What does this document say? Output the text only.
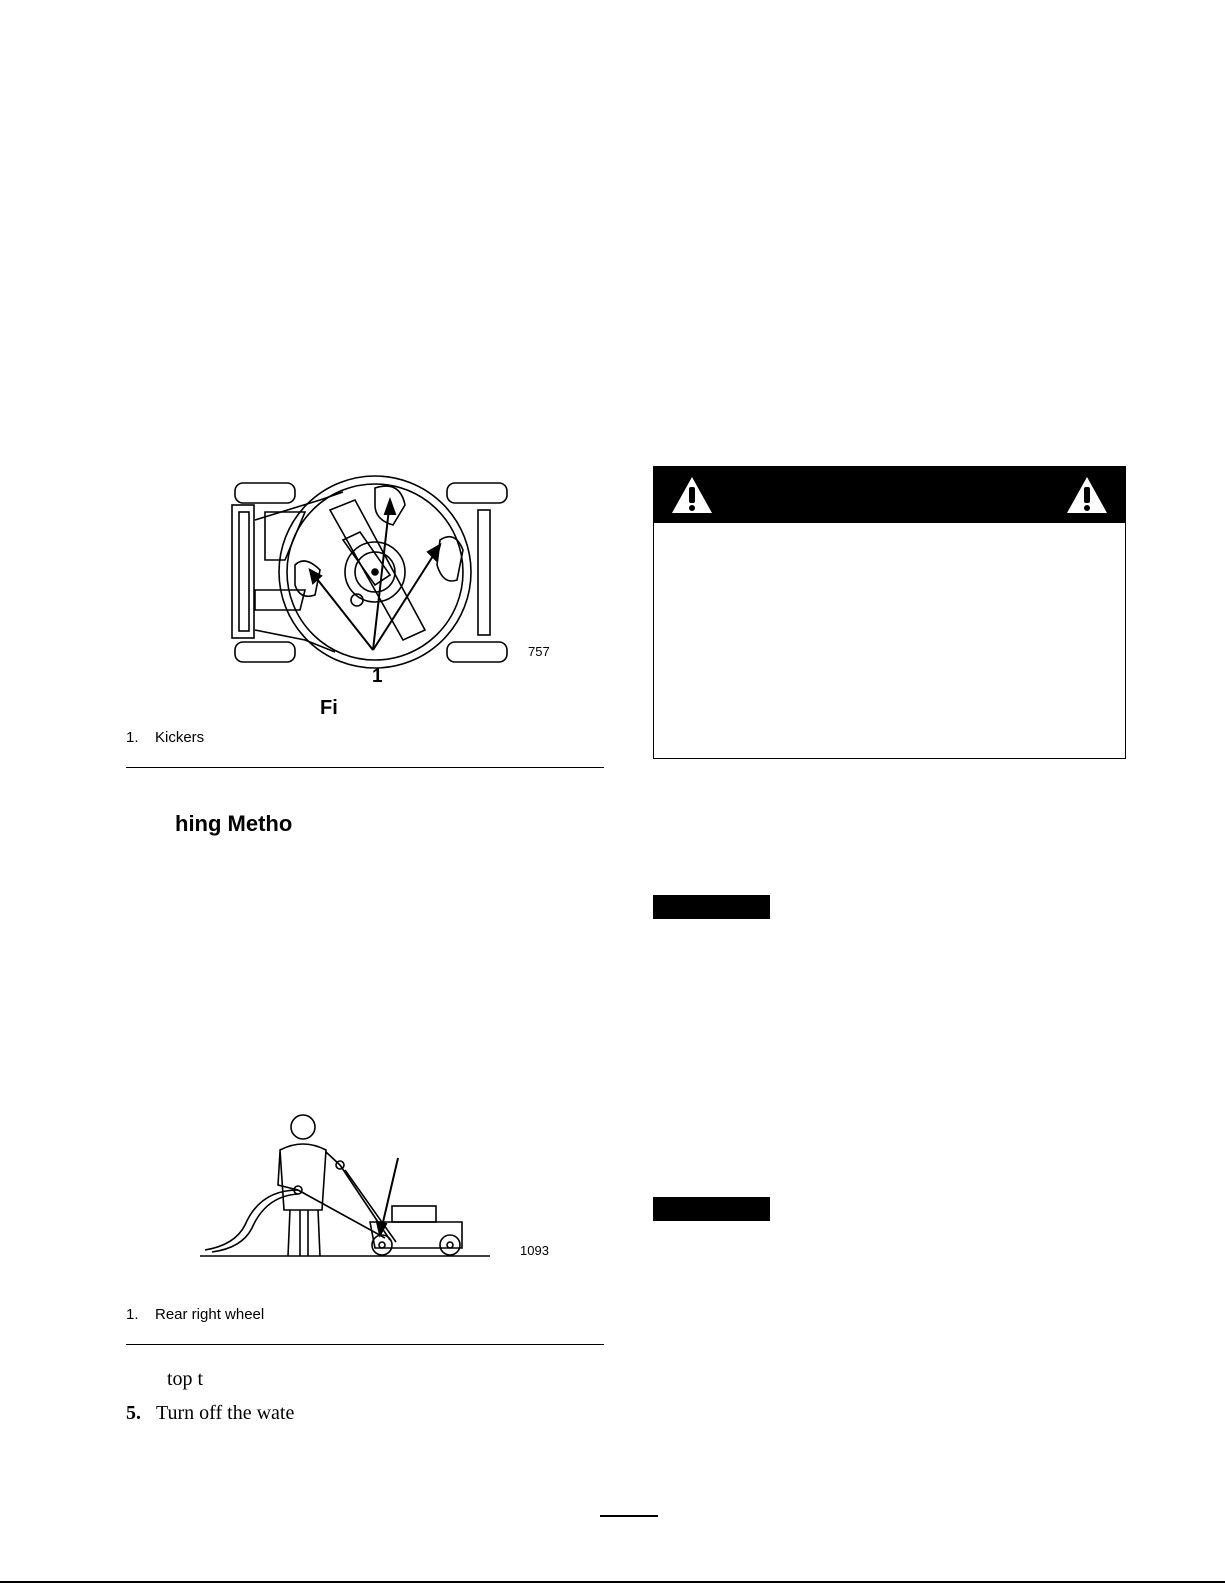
757
1
Fi
1. Kickers
hing Metho
1093
1. Rear right wheel
top t
5. Turn off the wate
